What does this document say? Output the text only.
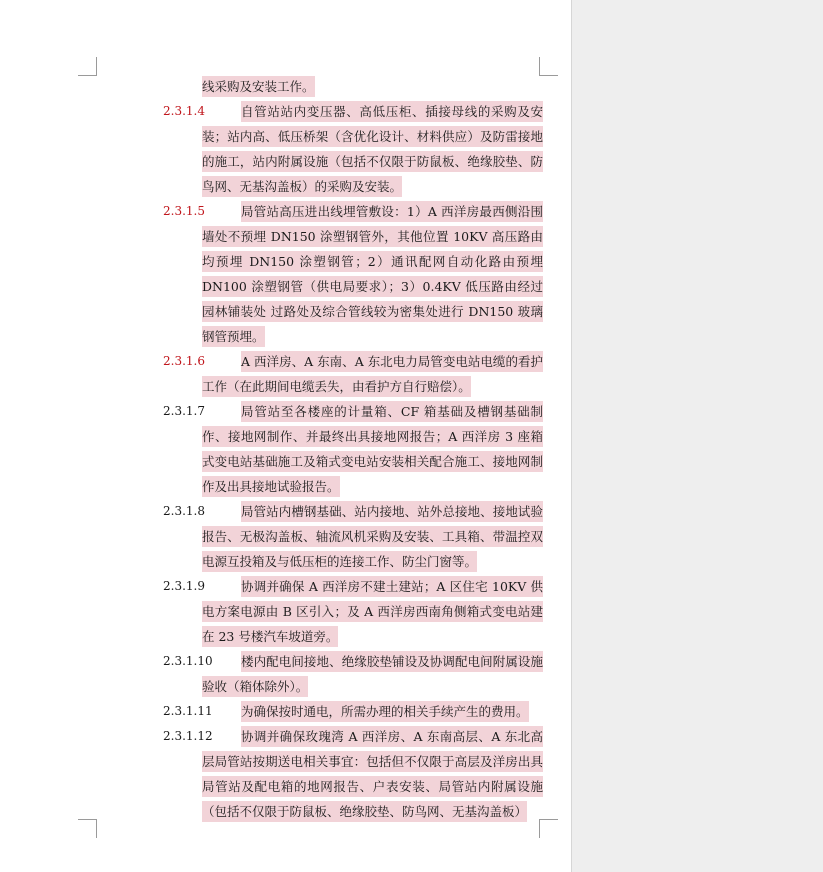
线采购及安装工作。
2.3.1.4	自管站站内变压器、高低压柜、插接母线的采购及安装；站内高、低压桥架（含优化设计、材料供应）及防雷接地的施工，站内附属设施（包括不仅限于防鼠板、绝缘胶垫、防鸟网、无基沟盖板）的采购及安装。
2.3.1.5	局管站高压进出线埋管敷设：1）A 西洋房最西侧沿围墙处不预埋 DN150 涂塑钢管外，其他位置 10KV 高压路由均预埋 DN150 涂塑钢管；2）通讯配网自动化路由预埋 DN100 涂塑钢管（供电局要求）；3）0.4KV 低压路由经过园林铺装处 过路处及综合管线较为密集处进行 DN150 玻璃钢管预埋。
2.3.1.6	A 西洋房、A 东南、A 东北电力局管变电站电缆的看护工作（在此期间电缆丢失，由看护方自行赔偿）。
2.3.1.7	局管站至各楼座的计量箱、CF 箱基础及槽钢基础制作、接地网制作、并最终出具接地网报告；A 西洋房 3 座箱式变电站基础施工及箱式变电站安装相关配合施工、接地网制作及出具接地试验报告。
2.3.1.8	局管站内槽钢基础、站内接地、站外总接地、接地试验报告、无极沟盖板、轴流风机采购及安装、工具箱、带温控双电源互投箱及与低压柜的连接工作、防尘门窗等。
2.3.1.9	协调并确保 A 西洋房不建土建站；A 区住宅 10KV 供电方案电源由 B 区引入；及 A 西洋房西南角侧箱式变电站建在 23 号楼汽车坡道旁。
2.3.1.10	楼内配电间接地、绝缘胶垫铺设及协调配电间附属设施验收（箱体除外）。
2.3.1.11	为确保按时通电，所需办理的相关手续产生的费用。
2.3.1.12	协调并确保玫瑰湾 A 西洋房、A 东南高层、A 东北高层局管站按期送电相关事宜：包括但不仅限于高层及洋房出具局管站及配电箱的地网报告、户表安装、局管站内附属设施（包括不仅限于防鼠板、绝缘胶垫、防鸟网、无基沟盖板）
